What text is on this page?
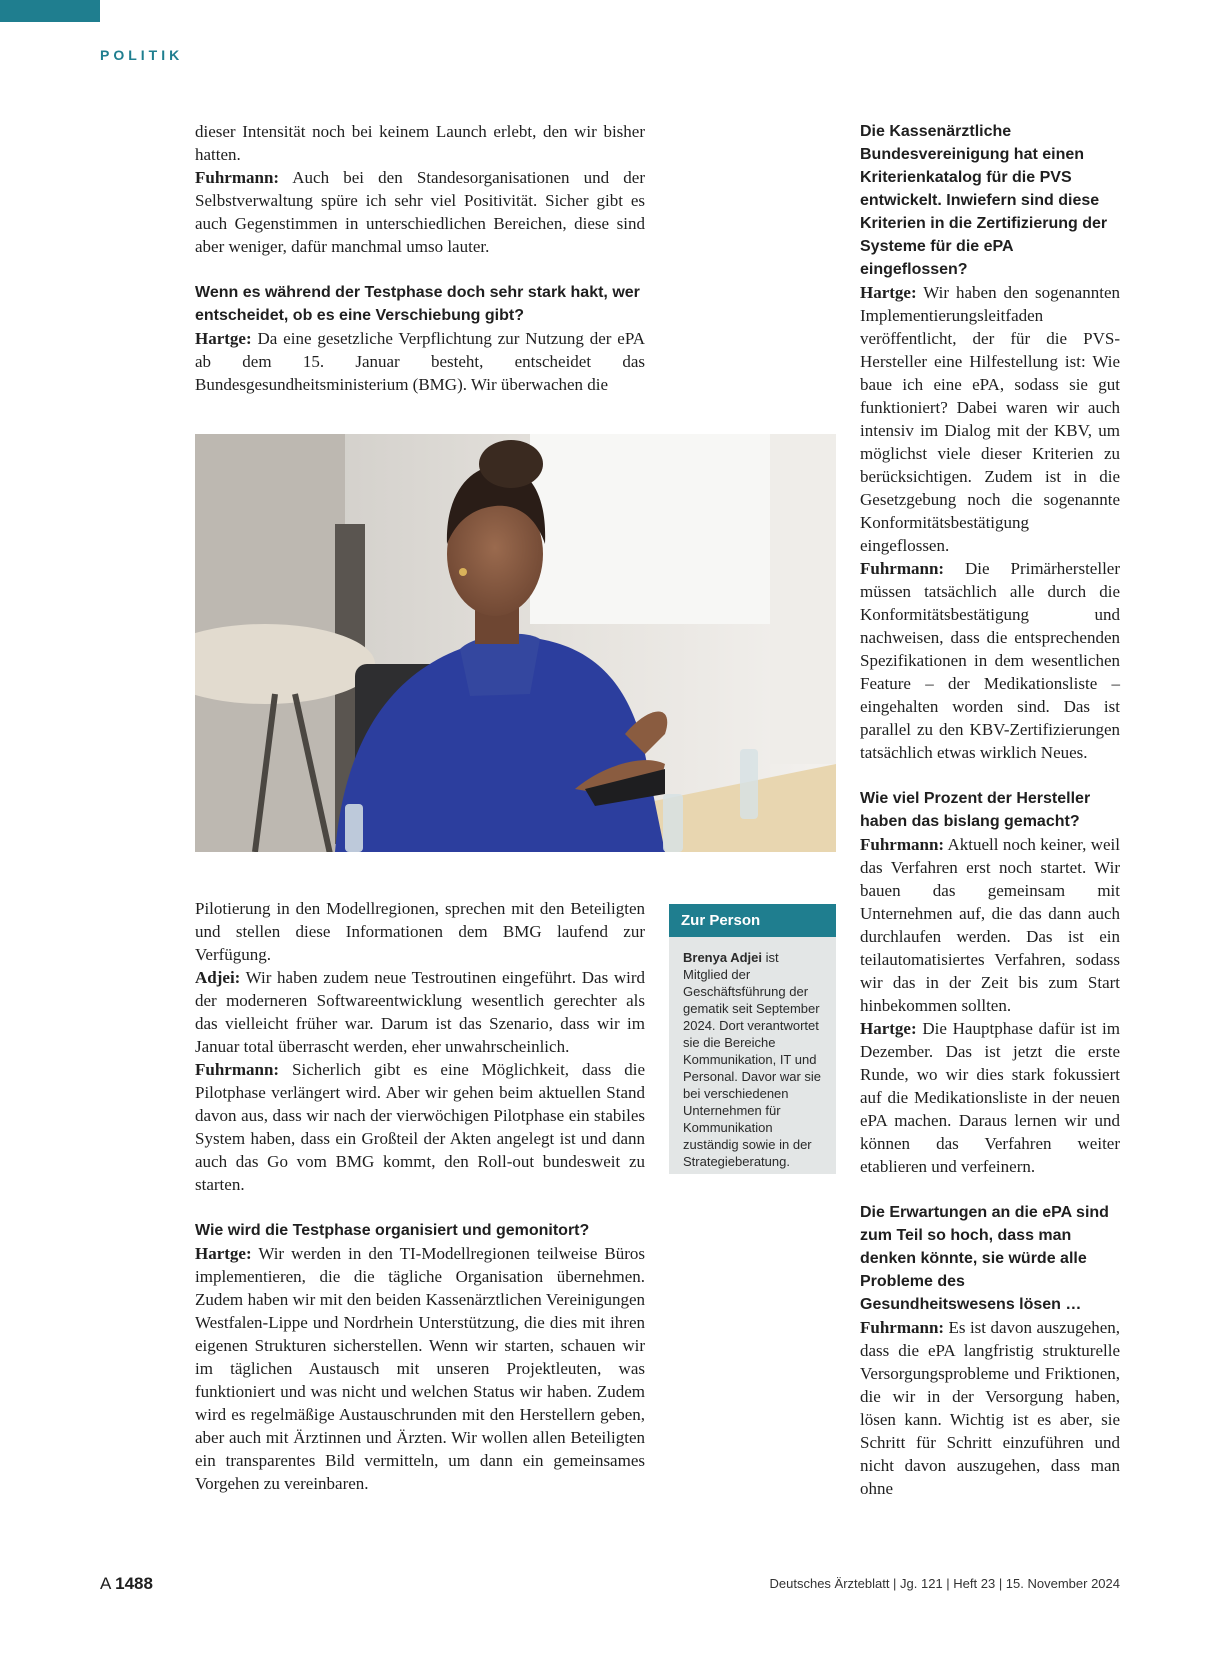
POLITIK

dieser Intensität noch bei keinem Launch erlebt, den wir bisher hatten.

Fuhrmann: Auch bei den Standesorganisationen und der Selbstverwaltung spüre ich sehr viel Positivität. Sicher gibt es auch Gegenstimmen in unterschiedlichen Bereichen, diese sind aber weniger, dafür manchmal umso lauter.

Wenn es während der Testphase doch sehr stark hakt, wer entscheidet, ob es eine Verschiebung gibt?

Hartge: Da eine gesetzliche Verpflichtung zur Nutzung der ePA ab dem 15. Januar besteht, entscheidet das Bundesgesundheitsministerium (BMG). Wir überwachen die

Pilotierung in den Modellregionen, sprechen mit den Beteiligten und stellen diese Informationen dem BMG laufend zur Verfügung.

Adjei: Wir haben zudem neue Testroutinen eingeführt. Das wird der moderneren Softwareentwicklung wesentlich gerechter als das vielleicht früher war. Darum ist das Szenario, dass wir im Januar total überrascht werden, eher unwahrscheinlich.

Fuhrmann: Sicherlich gibt es eine Möglichkeit, dass die Pilotphase verlängert wird. Aber wir gehen beim aktuellen Stand davon aus, dass wir nach der vierwöchigen Pilotphase ein stabiles System haben, dass ein Großteil der Akten angelegt ist und dann auch das Go vom BMG kommt, den Roll-out bundesweit zu starten.

Wie wird die Testphase organisiert und gemonitort?

Hartge: Wir werden in den TI-Modellregionen teilweise Büros implementieren, die die tägliche Organisation übernehmen. Zudem haben wir mit den beiden Kassenärztlichen Vereinigungen Westfalen-Lippe und Nordrhein Unterstützung, die dies mit ihren eigenen Strukturen sicherstellen. Wenn wir starten, schauen wir im täglichen Austausch mit unseren Projektleuten, was funktioniert und was nicht und welchen Status wir haben. Zudem wird es regelmäßige Austauschrunden mit den Herstellern geben, aber auch mit Ärztinnen und Ärzten. Wir wollen allen Beteiligten ein transparentes Bild vermitteln, um dann ein gemeinsames Vorgehen zu vereinbaren.

Zur Person
Brenya Adjei ist Mitglied der Geschäftsführung der gematik seit September 2024. Dort verantwortet sie die Bereiche Kommunikation, IT und Personal. Davor war sie bei verschiedenen Unternehmen für Kommunikation zuständig sowie in der Strategieberatung.

Die Kassenärztliche Bundesvereinigung hat einen Kriterienkatalog für die PVS entwickelt. Inwiefern sind diese Kriterien in die Zertifizierung der Systeme für die ePA eingeflossen?

Hartge: Wir haben den sogenannten Implementierungsleitfaden veröffentlicht, der für die PVS-Hersteller eine Hilfestellung ist: Wie baue ich eine ePA, sodass sie gut funktioniert? Dabei waren wir auch intensiv im Dialog mit der KBV, um möglichst viele dieser Kriterien zu berücksichtigen. Zudem ist in die Gesetzgebung noch die sogenannte Konformitätsbestätigung eingeflossen.

Fuhrmann: Die Primärhersteller müssen tatsächlich alle durch die Konformitätsbestätigung und nachweisen, dass die entsprechenden Spezifikationen in dem wesentlichen Feature – der Medikationsliste – eingehalten worden sind. Das ist parallel zu den KBV-Zertifizierungen tatsächlich etwas wirklich Neues.

Wie viel Prozent der Hersteller haben das bislang gemacht?

Fuhrmann: Aktuell noch keiner, weil das Verfahren erst noch startet. Wir bauen das gemeinsam mit Unternehmen auf, die das dann auch durchlaufen werden. Das ist ein teilautomatisiertes Verfahren, sodass wir das in der Zeit bis zum Start hinbekommen sollten.

Hartge: Die Hauptphase dafür ist im Dezember. Das ist jetzt die erste Runde, wo wir dies stark fokussiert auf die Medikationsliste in der neuen ePA machen. Daraus lernen wir und können das Verfahren weiter etablieren und verfeinern.

Die Erwartungen an die ePA sind zum Teil so hoch, dass man denken könnte, sie würde alle Probleme des Gesundheitswesens lösen …

Fuhrmann: Es ist davon auszugehen, dass die ePA langfristig strukturelle Versorgungsprobleme und Friktionen, die wir in der Versorgung haben, lösen kann. Wichtig ist es aber, sie Schritt für Schritt einzuführen und nicht davon auszugehen, dass man ohne

A 1488	Deutsches Ärzteblatt | Jg. 121 | Heft 23 | 15. November 2024
